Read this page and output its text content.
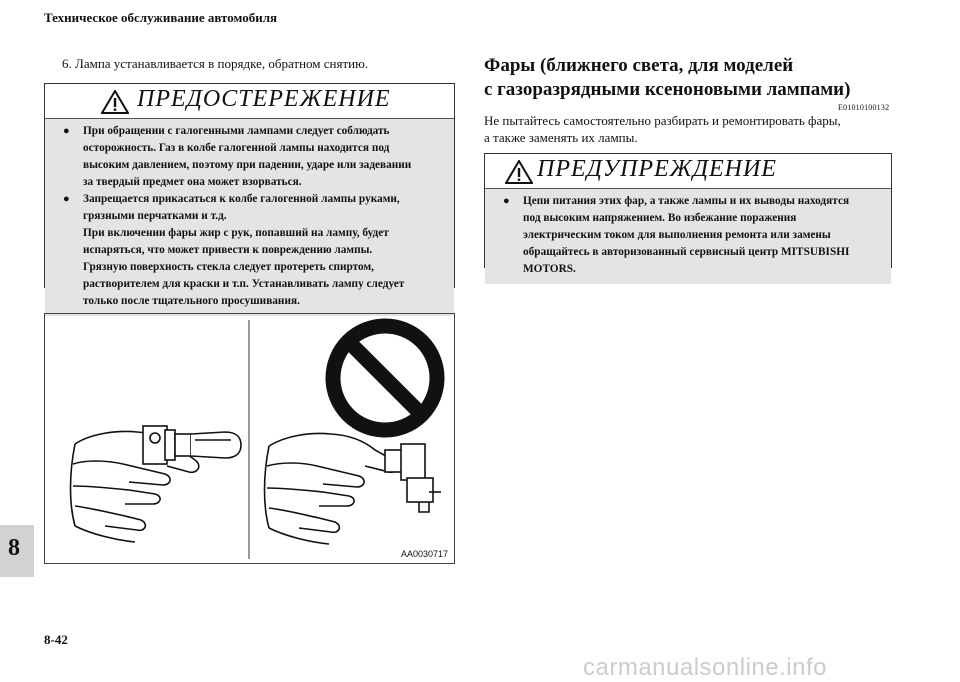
Техническое обслуживание автомобиля
6. Лампа устанавливается в порядке, обратном снятию.
ПРЕДОСТЕРЕЖЕНИЕ
● При обращении с галогенными лампами следует соблюдать
осторожность. Газ в колбе галогенной лампы находится под
высоким давлением, поэтому при падении, ударе или задевании
за твердый предмет она может взорваться.
● Запрещается прикасаться к колбе галогенной лампы руками,
грязными перчатками и т.д.
При включении фары жир с рук, попавший на лампу, будет
испаряться, что может привести к повреждению лампы.
Грязную поверхность стекла следует протереть спиртом,
растворителем для краски и т.п. Устанавливать лампу следует
только после тщательного просушивания.
AA0030717
Фары (ближнего света, для моделей
с газоразрядными ксеноновыми лампами)
E01010100132
Не пытайтесь самостоятельно разбирать и ремонтировать фары,
а также заменять их лампы.
ПРЕДУПРЕЖДЕНИЕ
● Цепи питания этих фар, а также лампы и их выводы находятся
под высоким напряжением. Во избежание поражения
электрическим током для выполнения ремонта или замены
обращайтесь в авторизованный сервисный центр MITSUBISHI
MOTORS.
8
8-42
carmanualsonline.info
